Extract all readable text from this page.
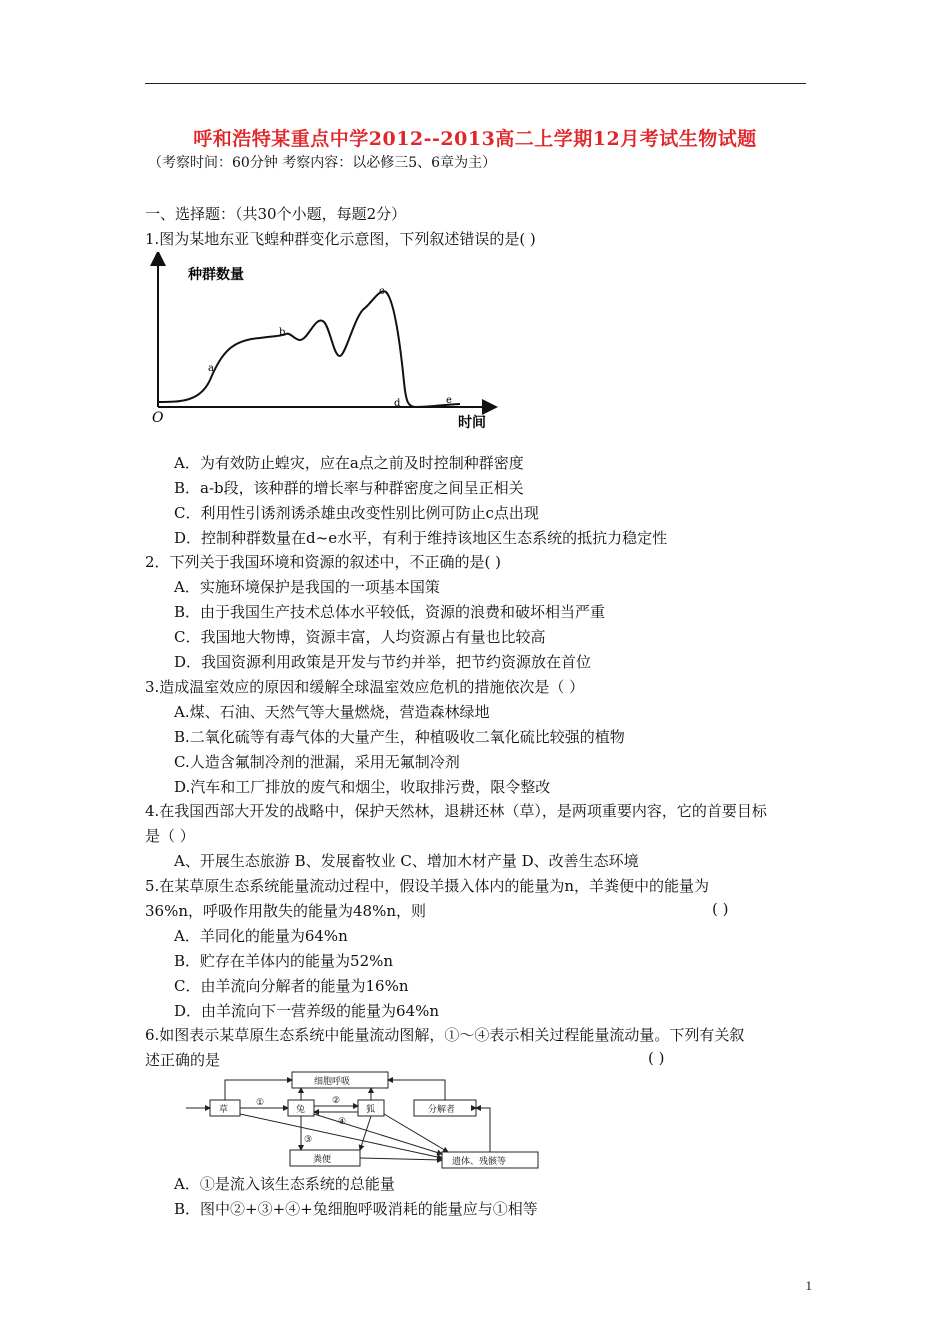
呼和浩特某重点中学2012--2013高二上学期12月考试生物试题
（考察时间：60分钟 考察内容：以必修三5、6章为主）
一、选择题：（共30个小题，每题2分）
1.图为某地东亚飞蝗种群变化示意图，下列叙述错误的是( )
种群数量
时间
O
a
b
c
d	e
A．为有效防止蝗灾，应在a点之前及时控制种群密度
B．a-b段，该种群的增长率与种群密度之间呈正相关
C．利用性引诱剂诱杀雄虫改变性别比例可防止c点出现
D．控制种群数量在d~e水平，有利于维持该地区生态系统的抵抗力稳定性
2．下列关于我国环境和资源的叙述中，不正确的是( )
A．实施环境保护是我国的一项基本国策
B．由于我国生产技术总体水平较低，资源的浪费和破坏相当严重
C．我国地大物博，资源丰富，人均资源占有量也比较高
D．我国资源利用政策是开发与节约并举，把节约资源放在首位
3.造成温室效应的原因和缓解全球温室效应危机的措施依次是（ ）
A.煤、石油、天然气等大量燃烧，营造森林绿地
B.二氧化硫等有毒气体的大量产生，种植吸收二氧化硫比较强的植物
C.人造含氟制冷剂的泄漏，采用无氟制冷剂
D.汽车和工厂排放的废气和烟尘，收取排污费，限令整改
4.在我国西部大开发的战略中，保护天然林，退耕还林（草），是两项重要内容，它的首要目标
是（ ）
A、开展生态旅游 B、发展畜牧业 C、增加木材产量 D、改善生态环境
5.在某草原生态系统能量流动过程中，假设羊摄入体内的能量为n，羊粪便中的能量为
36%n，呼吸作用散失的能量为48%n，则	( )
A．羊同化的能量为64%n
B．贮存在羊体内的能量为52%n
C．由羊流向分解者的能量为16%n
D．由羊流向下一营养级的能量为64%n
6.如图表示某草原生态系统中能量流动图解，①～④表示相关过程能量流动量。下列有关叙
述正确的是	( )
细胞呼吸
草	兔	狐	分解者
粪便	遗体、残骸等
①	②
④
③
A．①是流入该生态系统的总能量
B．图中②+③+④+兔细胞呼吸消耗的能量应与①相等
1
